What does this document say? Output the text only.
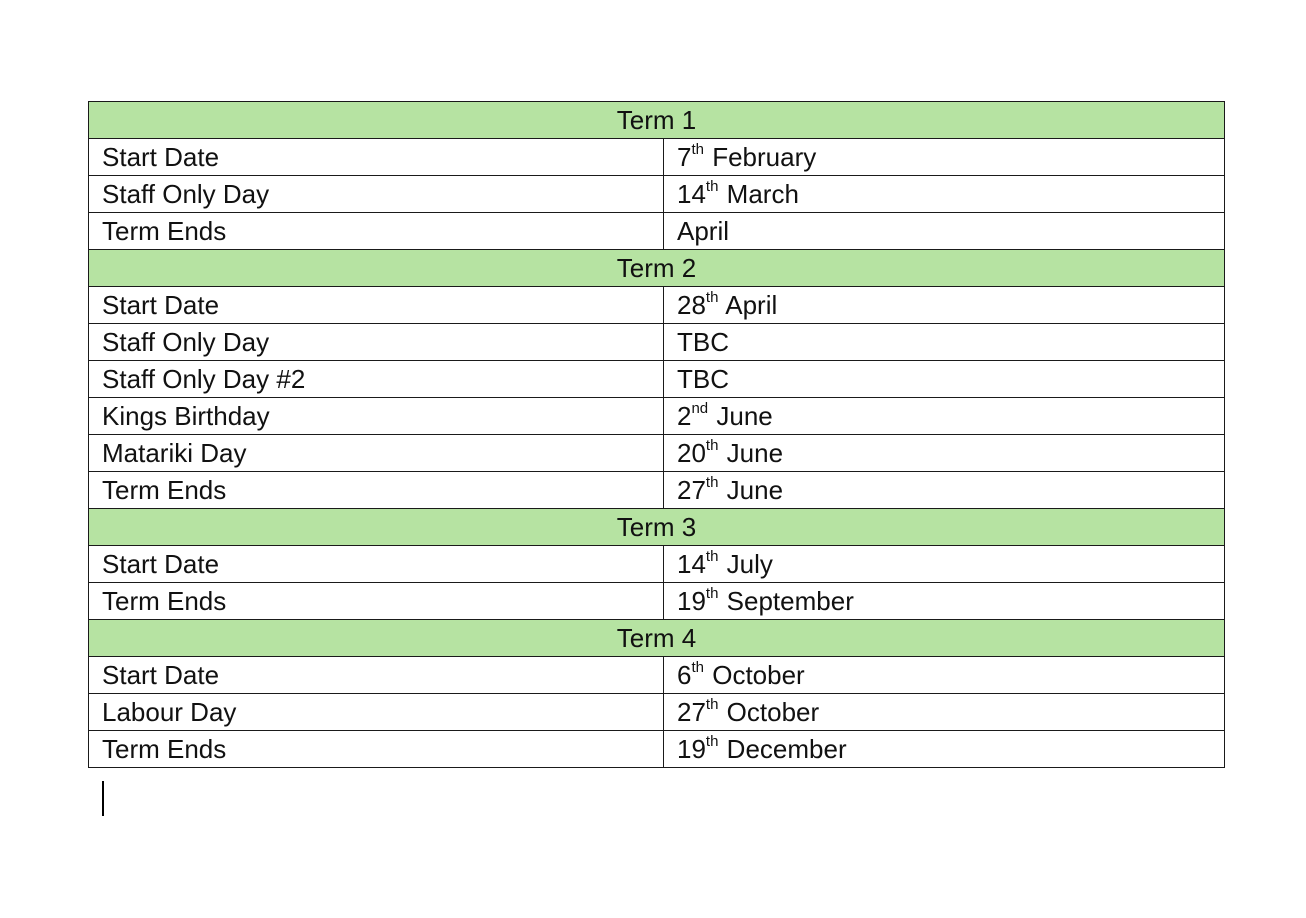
Term 1	
Start Date	7th February
Staff Only Day	14th March
Term Ends	April
Term 2	
Start Date	28th April
Staff Only Day	TBC
Staff Only Day #2	TBC
Kings Birthday	2nd June
Matariki Day	20th June
Term Ends	27th June
Term 3	
Start Date	14th July
Term Ends	19th September
Term 4	
Start Date	6th October
Labour Day	27th October
Term Ends	19th December
